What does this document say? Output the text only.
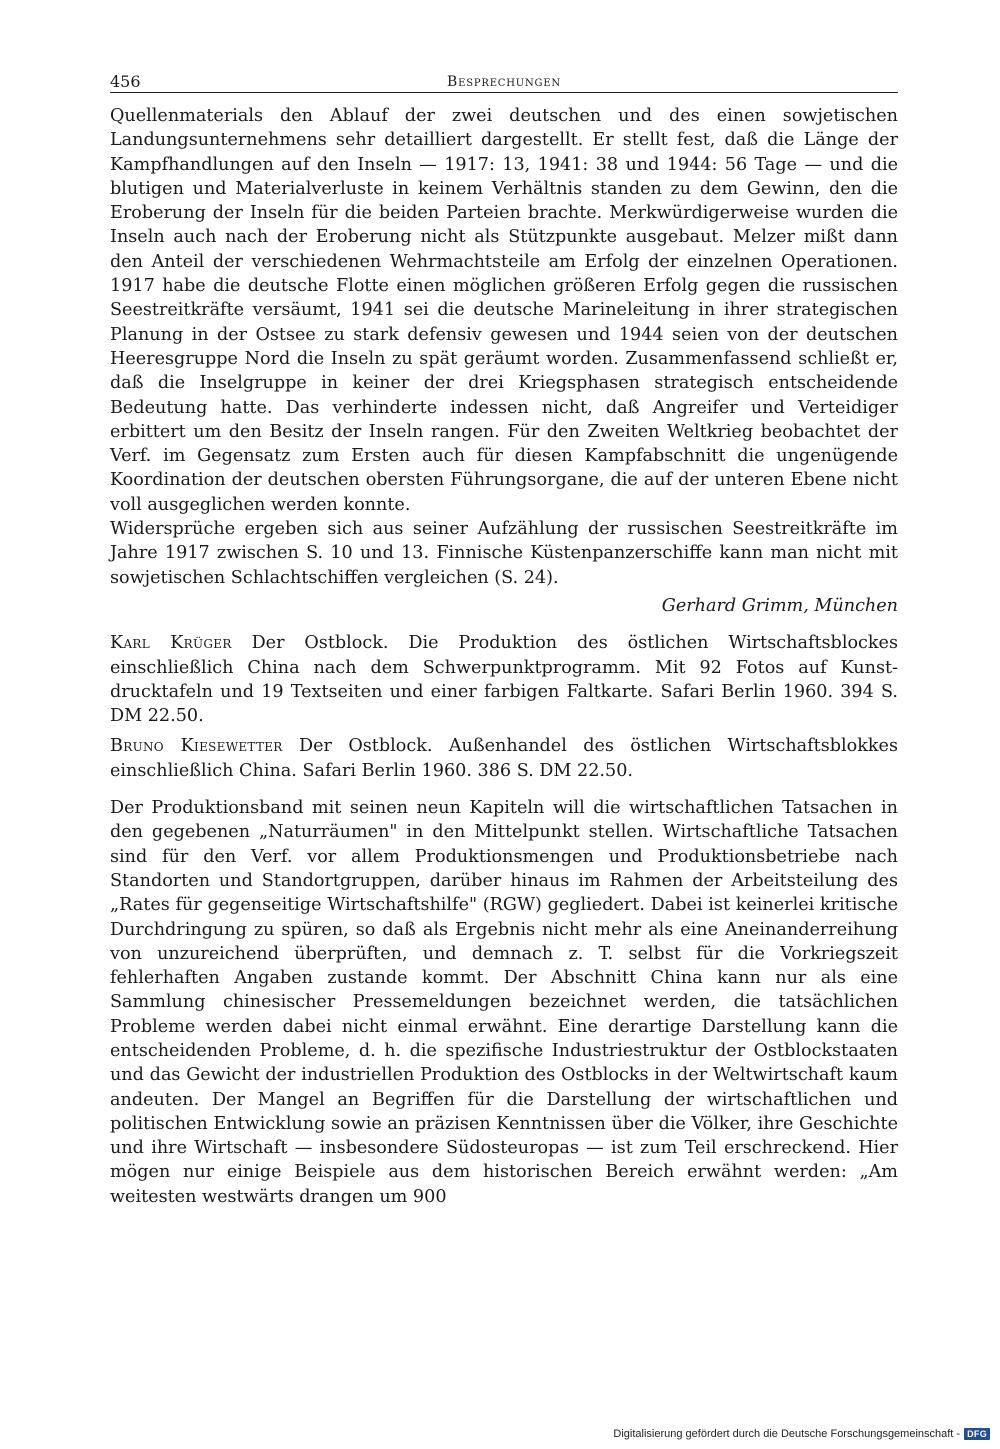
456	Besprechungen

Quellenmaterials den Ablauf der zwei deutschen und des einen sowjetischen Landungsunternehmens sehr detailliert dargestellt. Er stellt fest, daß die Länge der Kampfhandlungen auf den Inseln — 1917: 13, 1941: 38 und 1944: 56 Tage — und die blutigen und Materialverluste in keinem Verhältnis standen zu dem Gewinn, den die Eroberung der Inseln für die beiden Parteien brachte. Merkwürdigerweise wurden die Inseln auch nach der Eroberung nicht als Stützpunkte ausgebaut. Melzer mißt dann den Anteil der verschiedenen Wehrmachtsteile am Erfolg der einzelnen Operationen. 1917 habe die deutsche Flotte einen möglichen größeren Erfolg gegen die russischen Seestreitkräfte versäumt, 1941 sei die deutsche Marineleitung in ihrer strategischen Planung in der Ostsee zu stark defensiv gewesen und 1944 seien von der deutschen Heeresgruppe Nord die Inseln zu spät geräumt worden. Zusammenfassend schließt er, daß die Inselgruppe in keiner der drei Kriegsphasen strategisch entscheidende Bedeutung hatte. Das verhinderte indessen nicht, daß Angreifer und Verteidiger erbittert um den Besitz der Inseln rangen. Für den Zweiten Weltkrieg beobachtet der Verf. im Gegensatz zum Ersten auch für diesen Kampfabschnitt die ungenügende Koordination der deutschen obersten Führungsorgane, die auf der unteren Ebene nicht voll ausgeglichen werden konnte.

Widersprüche ergeben sich aus seiner Aufzählung der russischen Seestreitkräfte im Jahre 1917 zwischen S. 10 und 13. Finnische Küstenpanzerschiffe kann man nicht mit sowjetischen Schlachtschiffen vergleichen (S. 24).

Gerhard Grimm, München

Karl Krüger Der Ostblock. Die Produktion des östlichen Wirtschaftsblockes einschließlich China nach dem Schwerpunktprogramm. Mit 92 Fotos auf Kunstdrucktafeln und 19 Textseiten und einer farbigen Faltkarte. Safari Berlin 1960. 394 S. DM 22.50.

Bruno Kiesewetter Der Ostblock. Außenhandel des östlichen Wirtschaftsblokkes einschließlich China. Safari Berlin 1960. 386 S. DM 22.50.

Der Produktionsband mit seinen neun Kapiteln will die wirtschaftlichen Tatsachen in den gegebenen „Naturräumen" in den Mittelpunkt stellen. Wirtschaftliche Tatsachen sind für den Verf. vor allem Produktionsmengen und Produktionsbetriebe nach Standorten und Standortgruppen, darüber hinaus im Rahmen der Arbeitsteilung des „Rates für gegenseitige Wirtschaftshilfe" (RGW) gegliedert. Dabei ist keinerlei kritische Durchdringung zu spüren, so daß als Ergebnis nicht mehr als eine Aneinanderreihung von unzureichend überprüften, und demnach z. T. selbst für die Vorkriegszeit fehlerhaften Angaben zustande kommt. Der Abschnitt China kann nur als eine Sammlung chinesischer Pressemeldungen bezeichnet werden, die tatsächlichen Probleme werden dabei nicht einmal erwähnt. Eine derartige Darstellung kann die entscheidenden Probleme, d. h. die spezifische Industriestruktur der Ostblockstaaten und das Gewicht der industriellen Produktion des Ostblocks in der Weltwirtschaft kaum andeuten. Der Mangel an Begriffen für die Darstellung der wirtschaftlichen und politischen Entwicklung sowie an präzisen Kenntnissen über die Völker, ihre Geschichte und ihre Wirtschaft — insbesondere Südosteuropas — ist zum Teil erschreckend. Hier mögen nur einige Beispiele aus dem historischen Bereich erwähnt werden: „Am weitesten westwärts drangen um 900

Digitalisierung gefördert durch die Deutsche Forschungsgemeinschaft - DFG
